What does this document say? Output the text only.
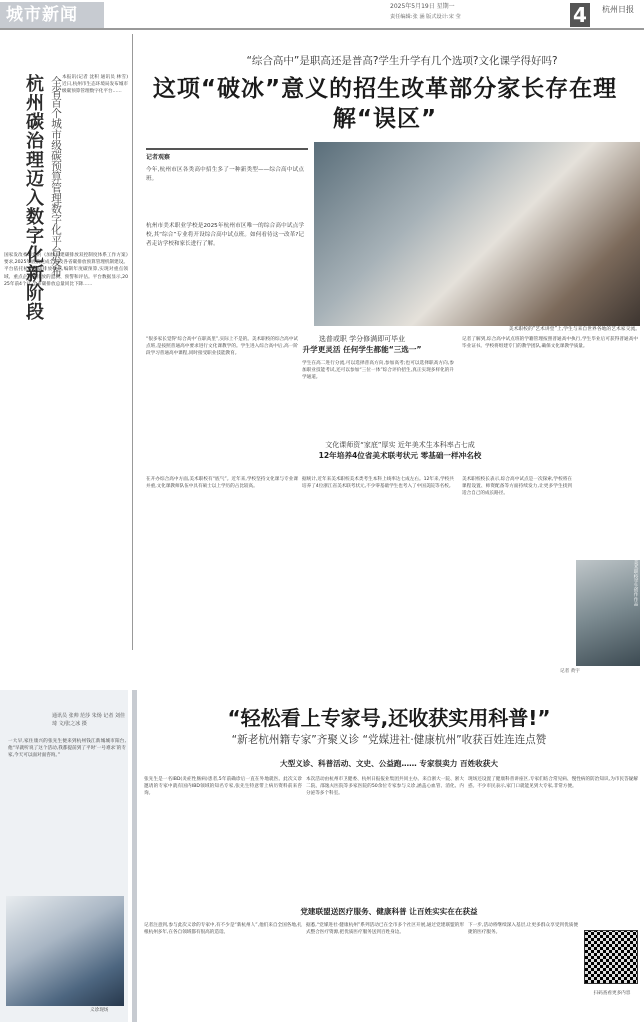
城市新闻	2025年5月19日 星期一
责任编辑:张 涵 版式设计:宋 莹	4	杭州日报
杭州碳治理迈入数字化新阶段 全省首个城市级碳预算管理数字化平台发布 本报讯(记者 沈积 通讯员 林雪)近日,杭州市生态环境局发布城市级碳预算管理数字化平台……
国家发改委印发的《加快构建碳排放双控制度体系工作方案》要求,2025年底前完成全国及各省碳排放预算管理机制建设。平台依托杭州市碳排放数据,编制年度碳预算,实现对重点领域、重点企业碳排放的监测、预警和评估。平台数据显示,2025年前4个月,全市碳排放总量同比下降……
“综合高中”是职高还是普高?学生升学有几个选项?文化课学得好吗?
这项“破冰”意义的招生改革部分家长存在理解“误区”
记者观察
今年,杭州市区各类高中招生多了一种新类型——综合高中试点班。
杭州市美术职业学校是2025年杭州市区唯一的综合高中试点学校,其“综合”专业将开设综合高中试点班。如何看待这一改革?记者走访学校和家长进行了解。
美术职校的“艺术讲堂”上,学生与来自世界各地的艺术家交流。
“很多家长觉得‘综合高中’在职高里”,实际上不是的。美术职校的综合高中试点班,是按照普通高中要求进行文化课教学的。学生进入综合高中后,高一阶段学习普通高中课程,同时接受职业技能教育。
选普或职 学分修满即可毕业
升学更灵活 任何学生都能“三选一”
学生在高二进行分流,可以选择普高方向,参加高考;也可以选择职高方向,参加职业技能考试,还可以参加“三位一体”综合评价招生,真正实现多样化的升学通道。
记者了解到,综合高中试点班的学籍管理按照普通高中执行,学生毕业后可获得普通高中毕业证书。学校将组建专门的教学团队,确保文化课教学质量。
文化课师资“家底”厚实 近年美术生本科率占七成
12年培养4位省美术联考状元 零基础一样冲名校
在开办综合高中方面,美术职校有“底气”。近年来,学校坚持文化课与专业课并重,文化课教师队伍中具有硕士以上学历的占比较高。
据统计,近年来美术职校美术类考生本科上线率达七成左右。12年来,学校共培养了4位浙江省美术联考状元,不少零基础学生也考入了中国美院等名校。
美术职校校长表示,综合高中试点是一次探索,学校将在课程设置、师资配备等方面持续发力,让更多学生找到适合自己的成长路径。
美术职校学生创作作品
记者 黄宇
通讯员 张帅 范莎 朱炀 记者 刘佳琦 文/张之冰 摄
一大早,家住康兴的张先生便来到杭州钱江新城城市阳台,他“早就听说了这个活动,我都提前到了平时‘一号难求’的专家,今天可以面对面咨询。”
义诊现场
“轻松看上专家号,还收获实用科普!”
“新老杭州籍专家”齐聚义诊 “党媒进社·健康杭州”收获百姓连连点赞
大型义诊、科普活动、文史、公益跑…… 专家很卖力 百姓收获大
张先生是一名IBD(炎症性肠病)患者,5年前确诊后一直在外地就医。此次义诊邀请的专家中就有国内IBD领域的知名专家,张先生特意带上病历资料前来咨询。
本次活动由杭州市卫健委、杭州日报报业集团共同主办。来自浙大一院、浙大二院、邵逸夫医院等多家医院的50余位专家参与义诊,涵盖心血管、消化、内分泌等多个科室。
现场还设置了健康科普讲座区,专家们结合常见病、慢性病的防治知识,为市民答疑解惑。不少市民表示,家门口就能见到大专家,非常方便。
党建联盟送医疗服务、健康科普 让百姓实实在在获益
记者注意到,参与此次义诊的专家中,有不少是“新杭州人”,他们来自全国各地,扎根杭州多年,在各自领域都有很高的造诣。
据悉,“党媒进社·健康杭州”系列活动已在全市多个社区开展,通过党建联盟的形式整合医疗资源,把优质医疗服务送到百姓身边。
下一步,活动将继续深入基层,让更多群众享受到优质便捷的医疗服务。
扫码查看更多内容
